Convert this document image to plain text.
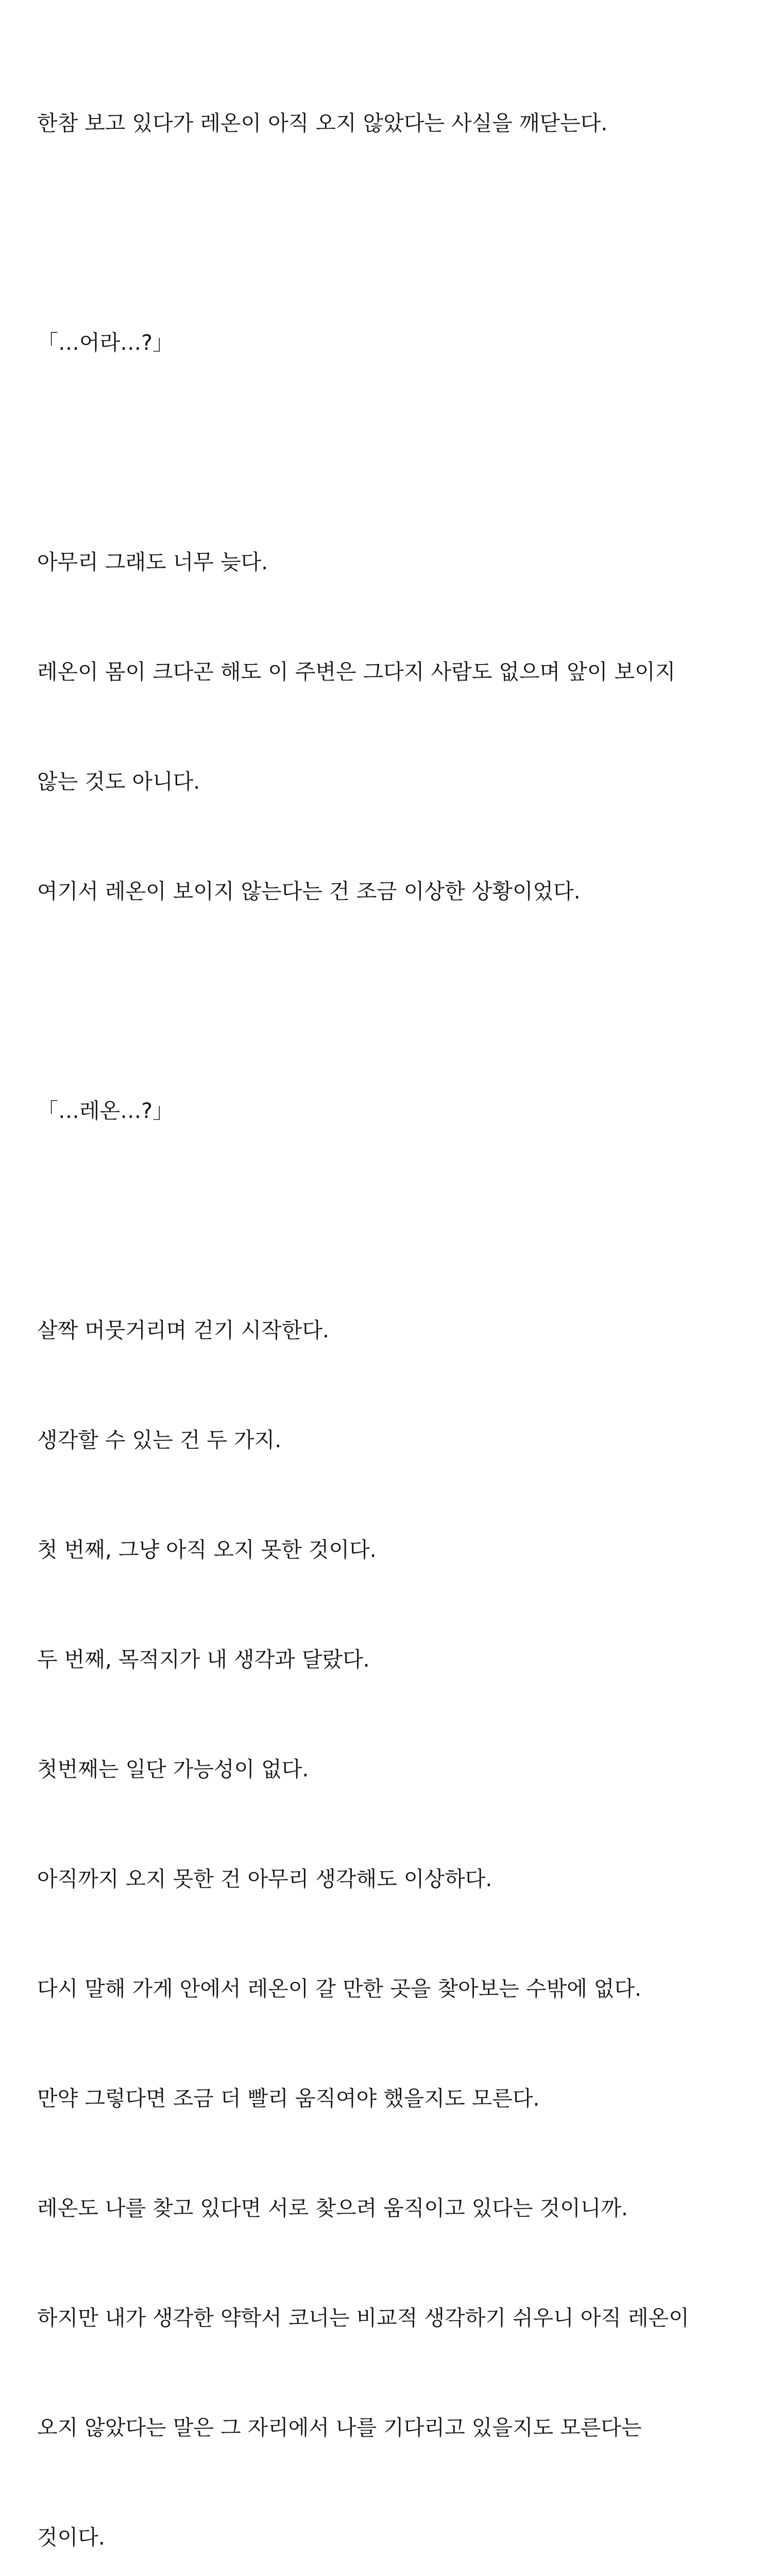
한참 보고 있다가 레온이 아직 오지 않았다는 사실을 깨닫는다.

「…어라…?」

아무리 그래도 너무 늦다.

레온이 몸이 크다곤 해도 이 주변은 그다지 사람도 없으며 앞이 보이지

않는 것도 아니다.

여기서 레온이 보이지 않는다는 건 조금 이상한 상황이었다.

「…레온…?」

살짝 머뭇거리며 걷기 시작한다.

생각할 수 있는 건 두 가지.

첫 번째, 그냥 아직 오지 못한 것이다.

두 번째, 목적지가 내 생각과 달랐다.

첫번째는 일단 가능성이 없다.

아직까지 오지 못한 건 아무리 생각해도 이상하다.

다시 말해 가게 안에서 레온이 갈 만한 곳을 찾아보는 수밖에 없다.

만약 그렇다면 조금 더 빨리 움직여야 했을지도 모른다.

레온도 나를 찾고 있다면 서로 찾으려 움직이고 있다는 것이니까.

하지만 내가 생각한 약학서 코너는 비교적 생각하기 쉬우니 아직 레온이

오지 않았다는 말은 그 자리에서 나를 기다리고 있을지도 모른다는

것이다.
